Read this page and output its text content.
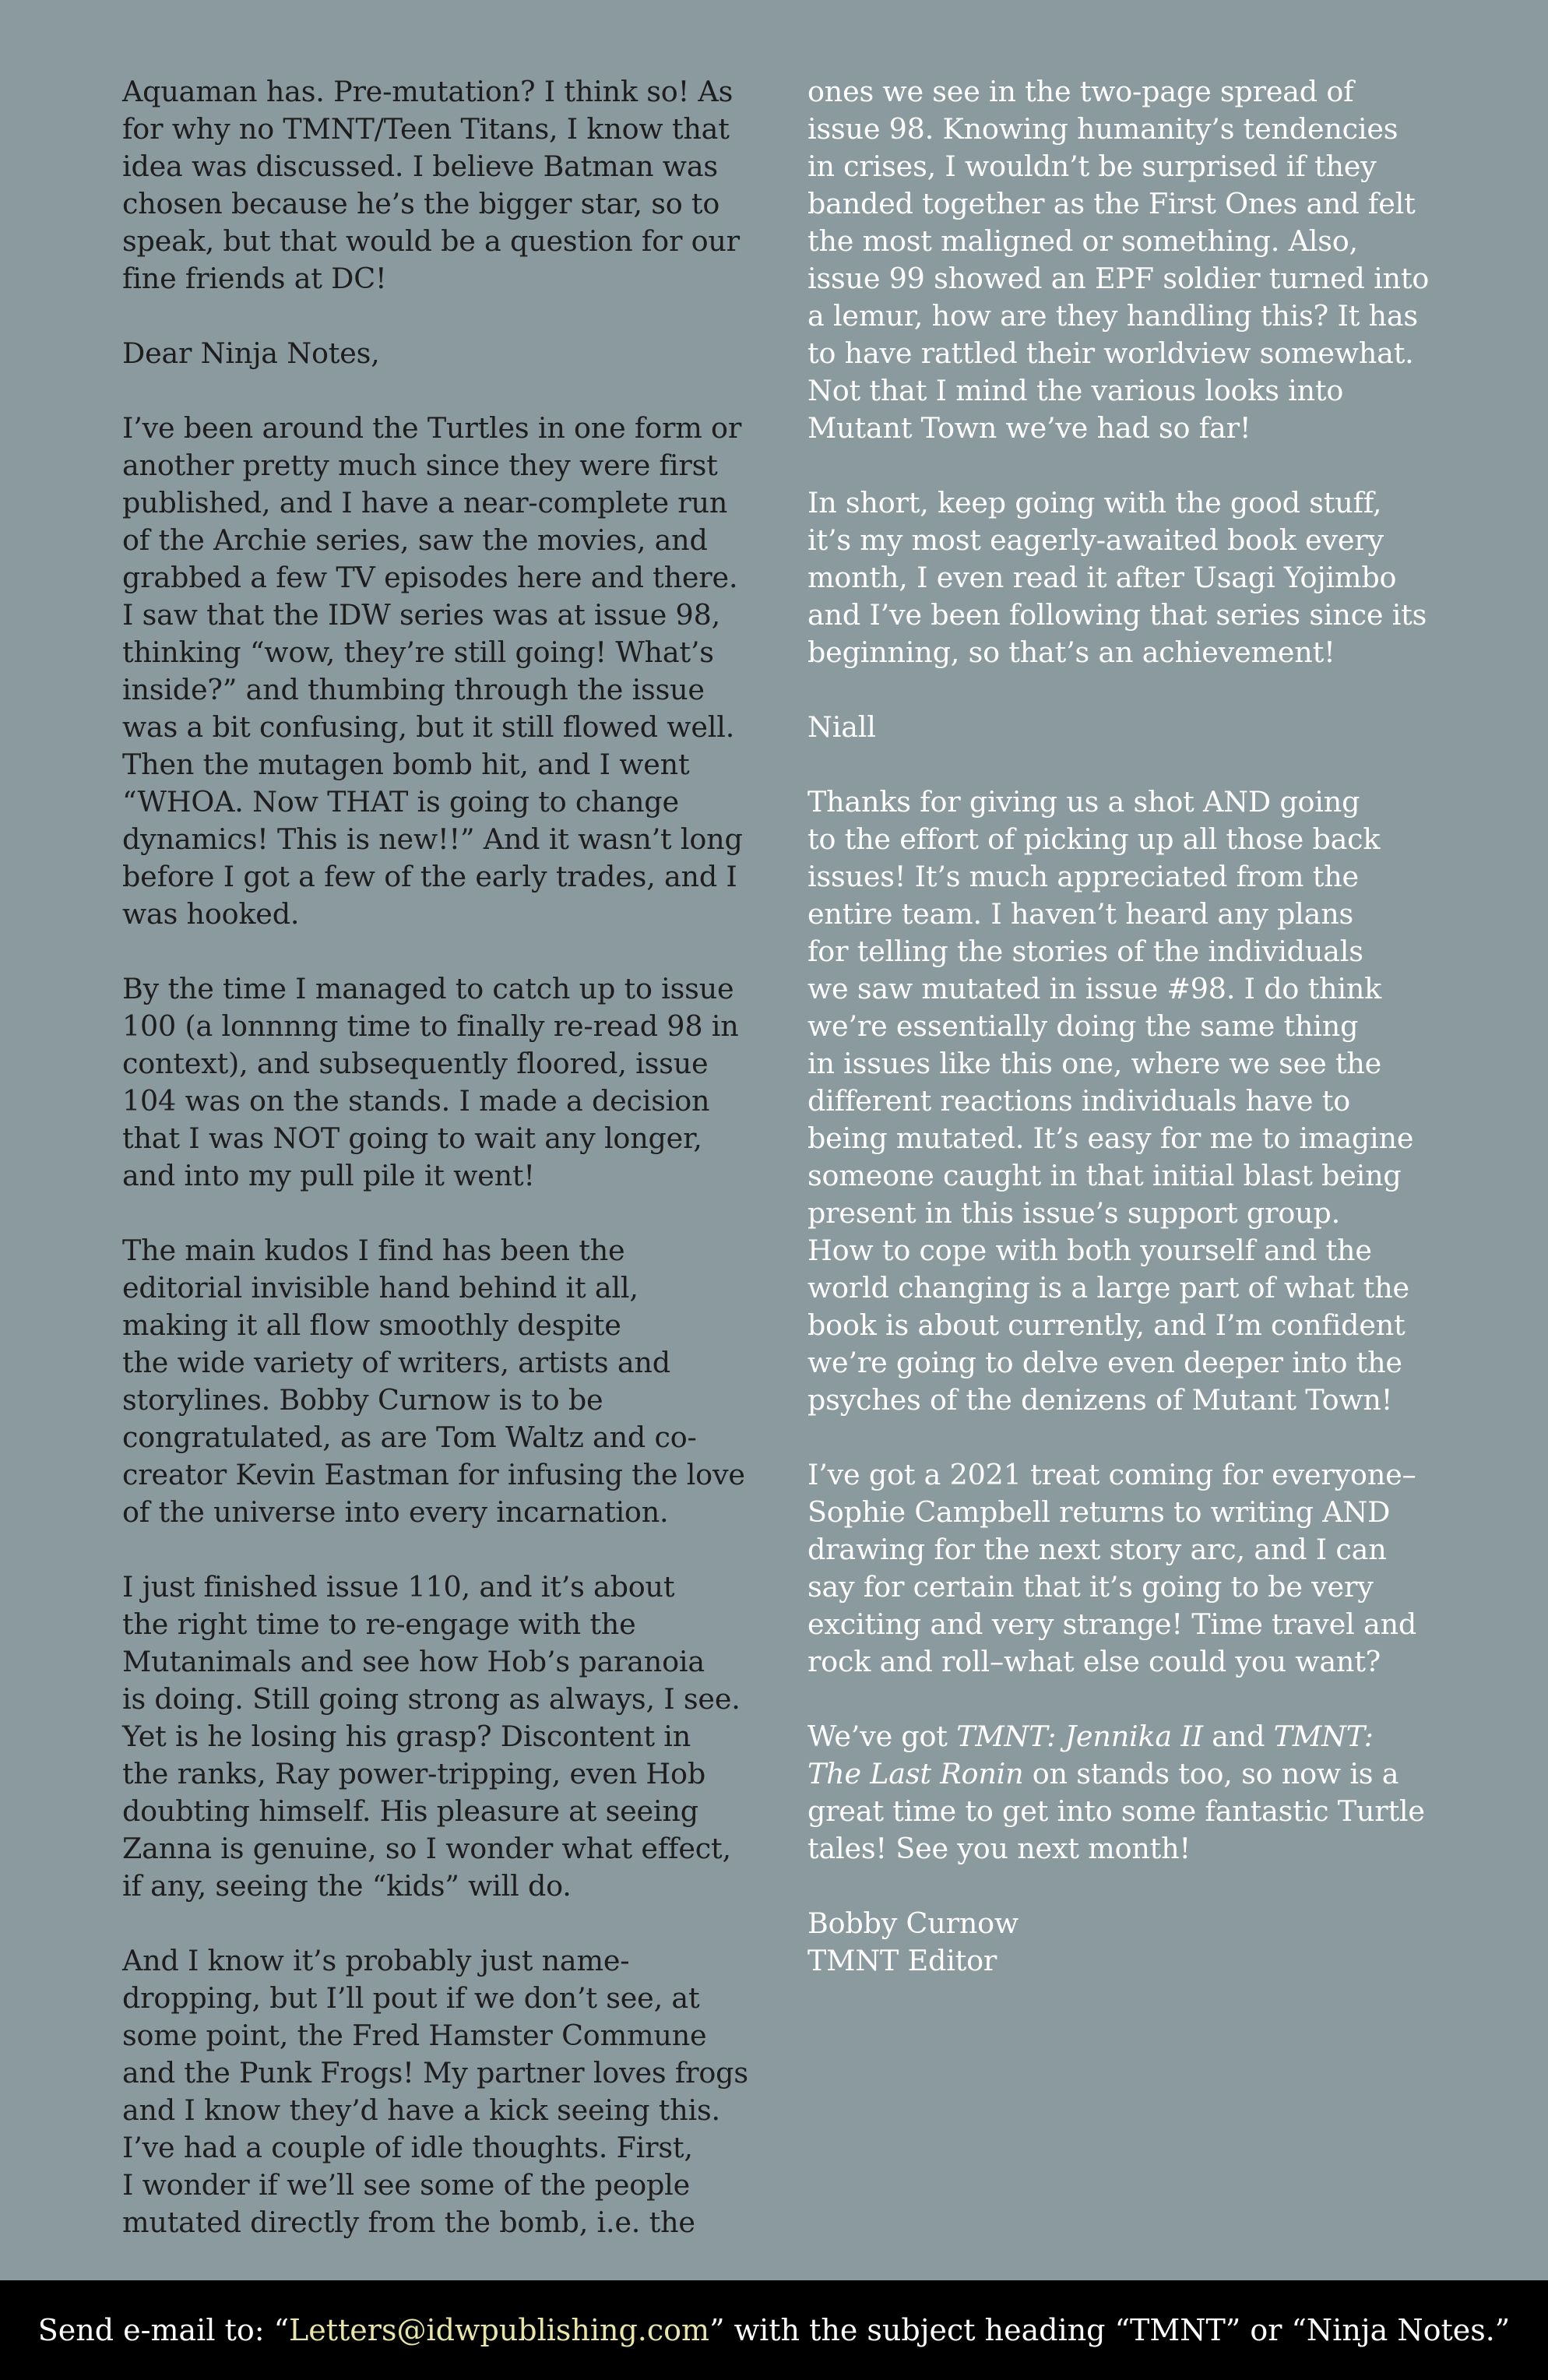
Aquaman has. Pre-mutation? I think so! As
for why no TMNT/Teen Titans, I know that
idea was discussed. I believe Batman was
chosen because he’s the bigger star, so to
speak, but that would be a question for our
fine friends at DC!

Dear Ninja Notes,

I’ve been around the Turtles in one form or
another pretty much since they were first
published, and I have a near-complete run
of the Archie series, saw the movies, and
grabbed a few TV episodes here and there.
I saw that the IDW series was at issue 98,
thinking “wow, they’re still going! What’s
inside?” and thumbing through the issue
was a bit confusing, but it still flowed well.
Then the mutagen bomb hit, and I went
“WHOA. Now THAT is going to change
dynamics! This is new!!” And it wasn’t long
before I got a few of the early trades, and I
was hooked.

By the time I managed to catch up to issue
100 (a lonnnng time to finally re-read 98 in
context), and subsequently floored, issue
104 was on the stands. I made a decision
that I was NOT going to wait any longer,
and into my pull pile it went!

The main kudos I find has been the
editorial invisible hand behind it all,
making it all flow smoothly despite
the wide variety of writers, artists and
storylines. Bobby Curnow is to be
congratulated, as are Tom Waltz and co-
creator Kevin Eastman for infusing the love
of the universe into every incarnation.

I just finished issue 110, and it’s about
the right time to re-engage with the
Mutanimals and see how Hob’s paranoia
is doing. Still going strong as always, I see.
Yet is he losing his grasp? Discontent in
the ranks, Ray power-tripping, even Hob
doubting himself. His pleasure at seeing
Zanna is genuine, so I wonder what effect,
if any, seeing the “kids” will do.

And I know it’s probably just name-
dropping, but I’ll pout if we don’t see, at
some point, the Fred Hamster Commune
and the Punk Frogs! My partner loves frogs
and I know they’d have a kick seeing this.
I’ve had a couple of idle thoughts. First,
I wonder if we’ll see some of the people
mutated directly from the bomb, i.e. the

ones we see in the two-page spread of
issue 98. Knowing humanity’s tendencies
in crises, I wouldn’t be surprised if they
banded together as the First Ones and felt
the most maligned or something. Also,
issue 99 showed an EPF soldier turned into
a lemur, how are they handling this? It has
to have rattled their worldview somewhat.
Not that I mind the various looks into
Mutant Town we’ve had so far!

In short, keep going with the good stuff,
it’s my most eagerly-awaited book every
month, I even read it after Usagi Yojimbo
and I’ve been following that series since its
beginning, so that’s an achievement!

Niall

Thanks for giving us a shot AND going
to the effort of picking up all those back
issues! It’s much appreciated from the
entire team. I haven’t heard any plans
for telling the stories of the individuals
we saw mutated in issue #98. I do think
we’re essentially doing the same thing
in issues like this one, where we see the
different reactions individuals have to
being mutated. It’s easy for me to imagine
someone caught in that initial blast being
present in this issue’s support group.
How to cope with both yourself and the
world changing is a large part of what the
book is about currently, and I’m confident
we’re going to delve even deeper into the
psyches of the denizens of Mutant Town!

I’ve got a 2021 treat coming for everyone–
Sophie Campbell returns to writing AND
drawing for the next story arc, and I can
say for certain that it’s going to be very
exciting and very strange! Time travel and
rock and roll–what else could you want?

We’ve got TMNT: Jennika II and TMNT:
The Last Ronin on stands too, so now is a
great time to get into some fantastic Turtle
tales! See you next month!

Bobby Curnow
TMNT Editor

Send e-mail to: “Letters@idwpublishing.com” with the subject heading “TMNT” or “Ninja Notes.”
